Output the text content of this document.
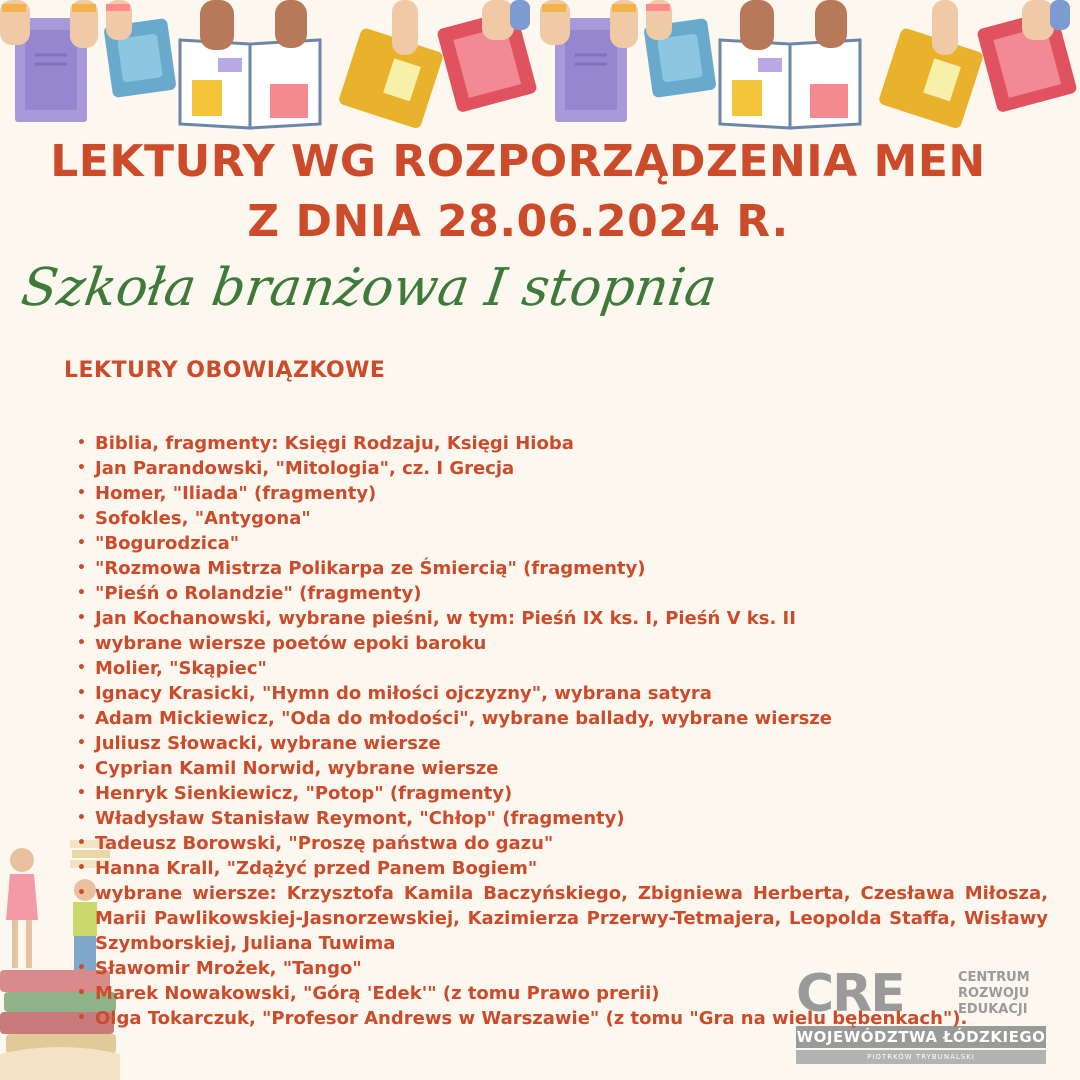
LEKTURY WG ROZPORZĄDZENIA MEN
Z DNIA 28.06.2024 R.
Szkoła branżowa I stopnia
LEKTURY OBOWIĄZKOWE
• Biblia, fragmenty: Księgi Rodzaju, Księgi Hioba
• Jan Parandowski, "Mitologia", cz. I Grecja
• Homer, "Iliada" (fragmenty)
• Sofokles, "Antygona"
• "Bogurodzica"
• "Rozmowa Mistrza Polikarpa ze Śmiercią" (fragmenty)
• "Pieśń o Rolandzie" (fragmenty)
• Jan Kochanowski, wybrane pieśni, w tym: Pieśń IX ks. I, Pieśń V ks. II
• wybrane wiersze poetów epoki baroku
• Molier, "Skąpiec"
• Ignacy Krasicki, "Hymn do miłości ojczyzny", wybrana satyra
• Adam Mickiewicz, "Oda do młodości", wybrane ballady, wybrane wiersze
• Juliusz Słowacki, wybrane wiersze
• Cyprian Kamil Norwid, wybrane wiersze
• Henryk Sienkiewicz, "Potop" (fragmenty)
• Władysław Stanisław Reymont, "Chłop" (fragmenty)
• Tadeusz Borowski, "Proszę państwa do gazu"
• Hanna Krall, "Zdążyć przed Panem Bogiem"
• wybrane wiersze: Krzysztofa Kamila Baczyńskiego, Zbigniewa Herberta, Czesława Miłosza, Marii Pawlikowskiej-Jasnorzewskiej, Kazimierza Przerwy-Tetmajera, Leopolda Staffa, Wisławy Szymborskiej, Juliana Tuwima
• Sławomir Mrożek, "Tango"
• Marek Nowakowski, "Górą 'Edek'" (z tomu Prawo prerii)
• Olga Tokarczuk, "Profesor Andrews w Warszawie" (z tomu "Gra na wielu bębenkach").
CRE	CENTRUM
ROZWOJU
EDUKACJI
WOJEWÓDZTWA ŁÓDZKIEGO
PIOTRKÓW TRYBUNALSKI
